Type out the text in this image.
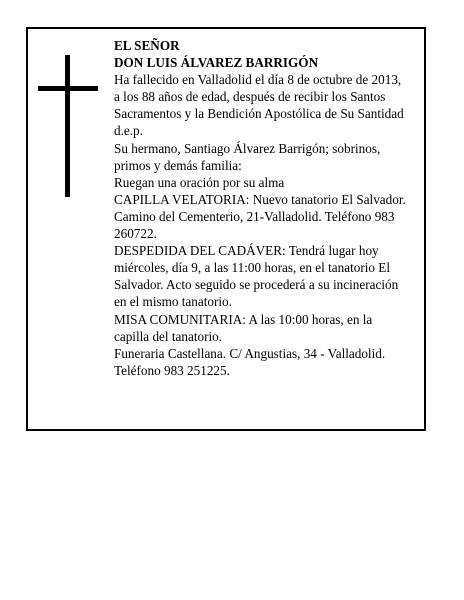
EL SEÑOR

DON LUIS ÁLVAREZ BARRIGÓN

Ha fallecido en Valladolid el día 8 de octubre de 2013,
a los 88 años de edad, después de recibir los Santos
Sacramentos y la Bendición Apostólica de Su Santidad
d.e.p.

Su hermano, Santiago Álvarez Barrigón; sobrinos,
primos y demás familia:

Ruegan una oración por su alma

CAPILLA VELATORIA: Nuevo tanatorio El Salvador.
Camino del Cementerio, 21-Valladolid. Teléfono 983
260722.

DESPEDIDA DEL CADÁVER: Tendrá lugar hoy
miércoles, día 9, a las 11:00 horas, en el tanatorio El
Salvador. Acto seguido se procederá a su incineración
en el mismo tanatorio.

MISA COMUNITARIA: A las 10:00 horas, en la
capilla del tanatorio.

Funeraria Castellana. C/ Angustias, 34 - Valladolid.
Teléfono 983 251225.
